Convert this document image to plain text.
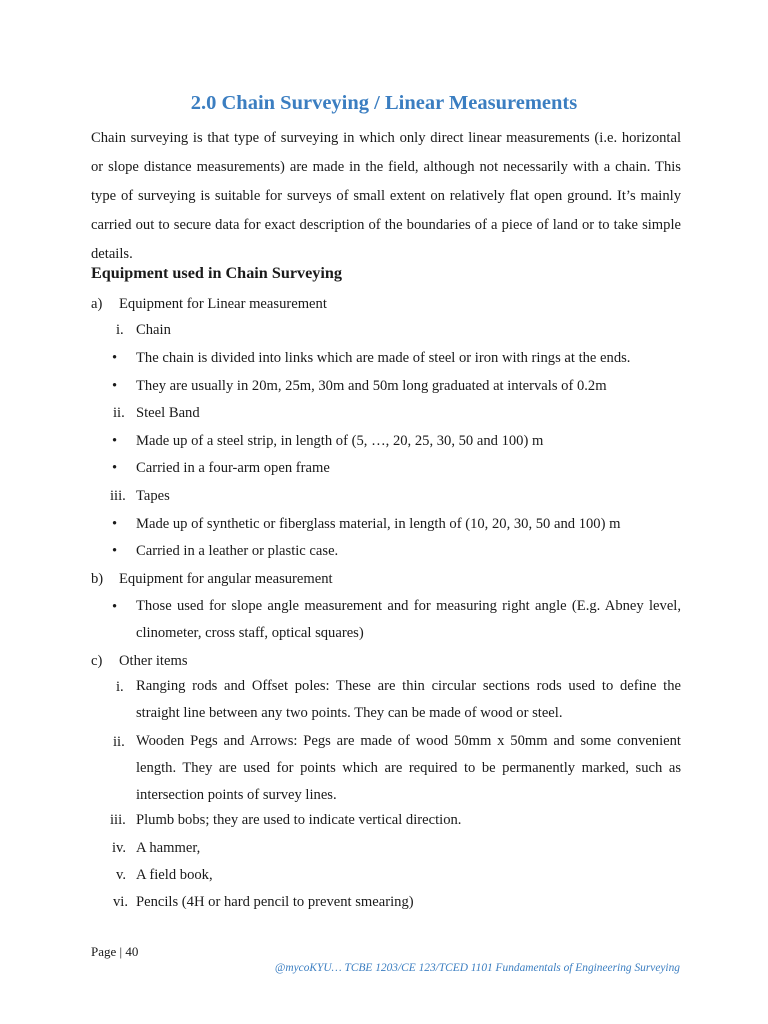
2.0 Chain Surveying / Linear Measurements

Chain surveying is that type of surveying in which only direct linear measurements (i.e. horizontal or slope distance measurements) are made in the field, although not necessarily with a chain. This type of surveying is suitable for surveys of small extent on relatively flat open ground. It’s mainly carried out to secure data for exact description of the boundaries of a piece of land or to take simple details.

Equipment used in Chain Surveying
a) Equipment for Linear measurement
i. Chain
• The chain is divided into links which are made of steel or iron with rings at the ends.
• They are usually in 20m, 25m, 30m and 50m long graduated at intervals of 0.2m
ii. Steel Band
• Made up of a steel strip, in length of (5, …, 20, 25, 30, 50 and 100) m
• Carried in a four-arm open frame
iii. Tapes
• Made up of synthetic or fiberglass material, in length of (10, 20, 30, 50 and 100) m
• Carried in a leather or plastic case.
b) Equipment for angular measurement
• Those used for slope angle measurement and for measuring right angle (E.g. Abney level, clinometer, cross staff, optical squares)
c) Other items
i. Ranging rods and Offset poles: These are thin circular sections rods used to define the straight line between any two points. They can be made of wood or steel.
ii. Wooden Pegs and Arrows: Pegs are made of wood 50mm x 50mm and some convenient length. They are used for points which are required to be permanently marked, such as intersection points of survey lines.
iii. Plumb bobs; they are used to indicate vertical direction.
iv. A hammer,
v. A field book,
vi. Pencils (4H or hard pencil to prevent smearing)
Page | 40
@mycoKYU… TCBE 1203/CE 123/TCED 1101 Fundamentals of Engineering Surveying
